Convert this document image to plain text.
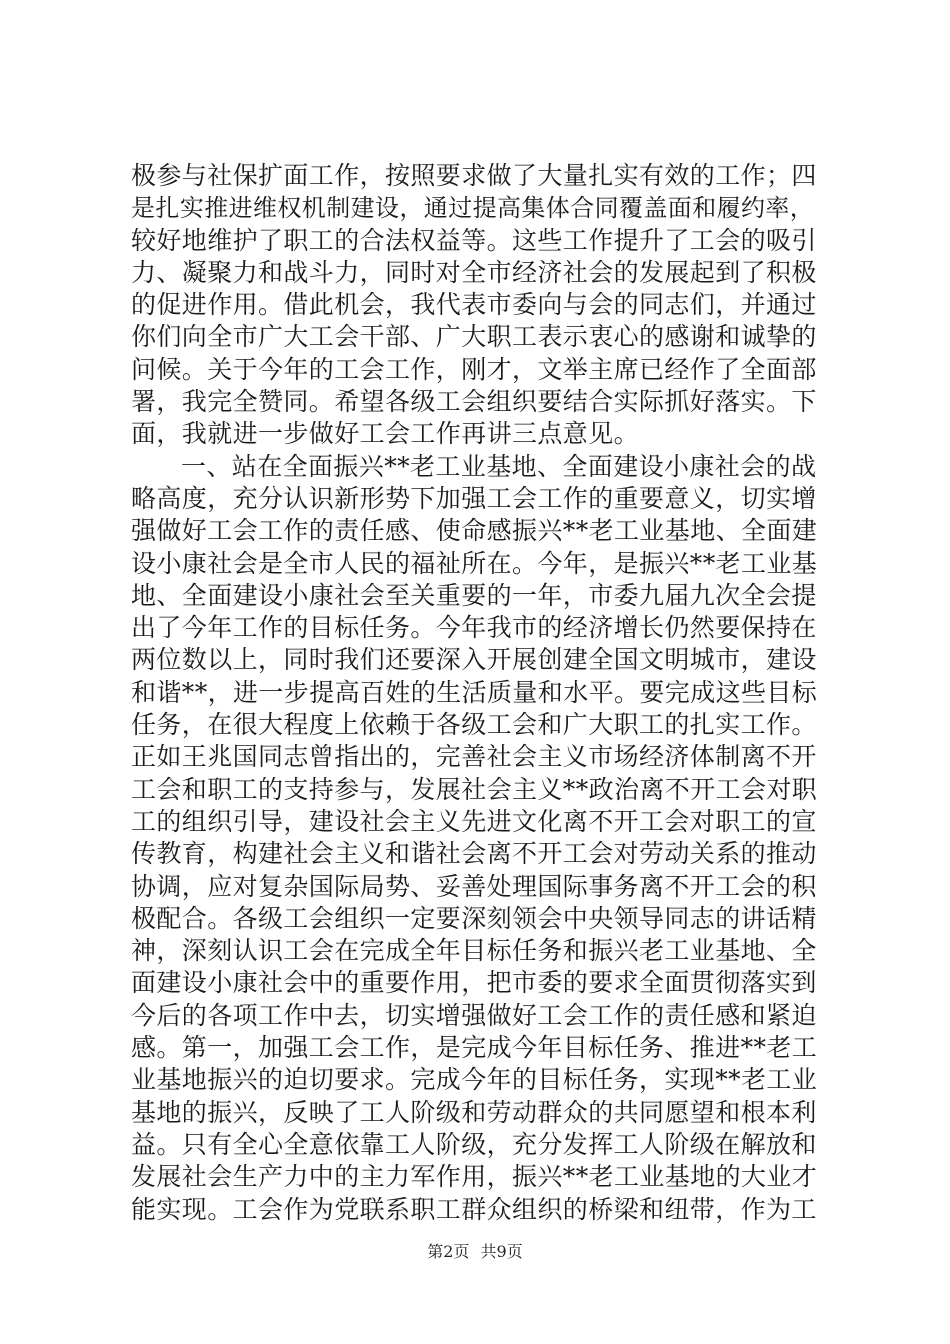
极参与社保扩面工作，按照要求做了大量扎实有效的工作；四
是扎实推进维权机制建设，通过提高集体合同覆盖面和履约率，
较好地维护了职工的合法权益等。这些工作提升了工会的吸引
力、凝聚力和战斗力，同时对全市经济社会的发展起到了积极
的促进作用。借此机会，我代表市委向与会的同志们，并通过
你们向全市广大工会干部、广大职工表示衷心的感谢和诚挚的
问候。关于今年的工会工作，刚才，文举主席已经作了全面部
署，我完全赞同。希望各级工会组织要结合实际抓好落实。下
面，我就进一步做好工会工作再讲三点意见。
一、站在全面振兴**老工业基地、全面建设小康社会的战
略高度，充分认识新形势下加强工会工作的重要意义，切实增
强做好工会工作的责任感、使命感振兴**老工业基地、全面建
设小康社会是全市人民的福祉所在。今年，是振兴**老工业基
地、全面建设小康社会至关重要的一年，市委九届九次全会提
出了今年工作的目标任务。今年我市的经济增长仍然要保持在
两位数以上，同时我们还要深入开展创建全国文明城市，建设
和谐**，进一步提高百姓的生活质量和水平。要完成这些目标
任务，在很大程度上依赖于各级工会和广大职工的扎实工作。
正如王兆国同志曾指出的，完善社会主义市场经济体制离不开
工会和职工的支持参与，发展社会主义**政治离不开工会对职
工的组织引导，建设社会主义先进文化离不开工会对职工的宣
传教育，构建社会主义和谐社会离不开工会对劳动关系的推动
协调，应对复杂国际局势、妥善处理国际事务离不开工会的积
极配合。各级工会组织一定要深刻领会中央领导同志的讲话精
神，深刻认识工会在完成全年目标任务和振兴老工业基地、全
面建设小康社会中的重要作用，把市委的要求全面贯彻落实到
今后的各项工作中去，切实增强做好工会工作的责任感和紧迫
感。第一，加强工会工作，是完成今年目标任务、推进**老工
业基地振兴的迫切要求。完成今年的目标任务，实现**老工业
基地的振兴，反映了工人阶级和劳动群众的共同愿望和根本利
益。只有全心全意依靠工人阶级，充分发挥工人阶级在解放和
发展社会生产力中的主力军作用，振兴**老工业基地的大业才
能实现。工会作为党联系职工群众组织的桥梁和纽带，作为工
第2页 共9页
